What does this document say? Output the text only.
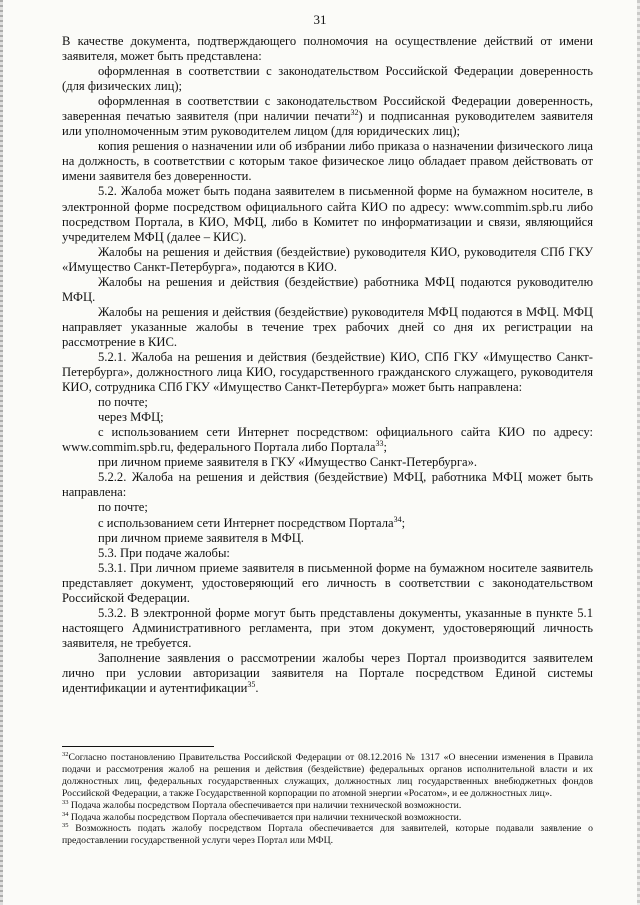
31

В качестве документа, подтверждающего полномочия на осуществление действий от имени заявителя, может быть представлена:

оформленная в соответствии с законодательством Российской Федерации доверенность (для физических лиц);

оформленная в соответствии с законодательством Российской Федерации доверенность, заверенная печатью заявителя (при наличии печати$^{32}$) и подписанная руководителем заявителя или уполномоченным этим руководителем лицом (для юридических лиц);

копия решения о назначении или об избрании либо приказа о назначении физического лица на должность, в соответствии с которым такое физическое лицо обладает правом действовать от имени заявителя без доверенности.

5.2. Жалоба может быть подана заявителем в письменной форме на бумажном носителе, в электронной форме посредством официального сайта КИО по адресу: www.commim.spb.ru либо посредством Портала, в КИО, МФЦ, либо в Комитет по информатизации и связи, являющийся учредителем МФЦ (далее – КИС).

Жалобы на решения и действия (бездействие) руководителя КИО, руководителя СПб ГКУ «Имущество Санкт-Петербурга», подаются в КИО.

Жалобы на решения и действия (бездействие) работника МФЦ подаются руководителю МФЦ.

Жалобы на решения и действия (бездействие) руководителя МФЦ подаются в МФЦ. МФЦ направляет указанные жалобы в течение трех рабочих дней со дня их регистрации на рассмотрение в КИС.

5.2.1. Жалоба на решения и действия (бездействие) КИО, СПб ГКУ «Имущество Санкт-Петербурга», должностного лица КИО, государственного гражданского служащего, руководителя КИО, сотрудника СПб ГКУ «Имущество Санкт-Петербурга» может быть направлена:

по почте;

через МФЦ;

с использованием сети Интернет посредством: официального сайта КИО по адресу: www.commim.spb.ru, федерального Портала либо Портала$^{33}$;

при личном приеме заявителя в ГКУ «Имущество Санкт-Петербурга».

5.2.2. Жалоба на решения и действия (бездействие) МФЦ, работника МФЦ может быть направлена:

по почте;

с использованием сети Интернет посредством Портала$^{34}$;

при личном приеме заявителя в МФЦ.

5.3. При подаче жалобы:

5.3.1. При личном приеме заявителя в письменной форме на бумажном носителе заявитель представляет документ, удостоверяющий его личность в соответствии с законодательством Российской Федерации.

5.3.2. В электронной форме могут быть представлены документы, указанные в пункте 5.1 настоящего Административного регламента, при этом документ, удостоверяющий личность заявителя, не требуется.

Заполнение заявления о рассмотрении жалобы через Портал производится заявителем лично при условии авторизации заявителя на Портале посредством Единой системы идентификации и аутентификации$^{35}$.

$^{32}$Согласно постановлению Правительства Российской Федерации от 08.12.2016 № 1317 «О внесении изменения в Правила подачи и рассмотрения жалоб на решения и действия (бездействие) федеральных органов исполнительной власти и их должностных лиц, федеральных государственных служащих, должностных лиц государственных внебюджетных фондов Российской Федерации, а также Государственной корпорации по атомной энергии «Росатом», и ее должностных лиц».

$^{33}$ Подача жалобы посредством Портала обеспечивается при наличии технической возможности.

$^{34}$ Подача жалобы посредством Портала обеспечивается при наличии технической возможности.

$^{35}$ Возможность подать жалобу посредством Портала обеспечивается для заявителей, которые подавали заявление о предоставлении государственной услуги через Портал или МФЦ.
